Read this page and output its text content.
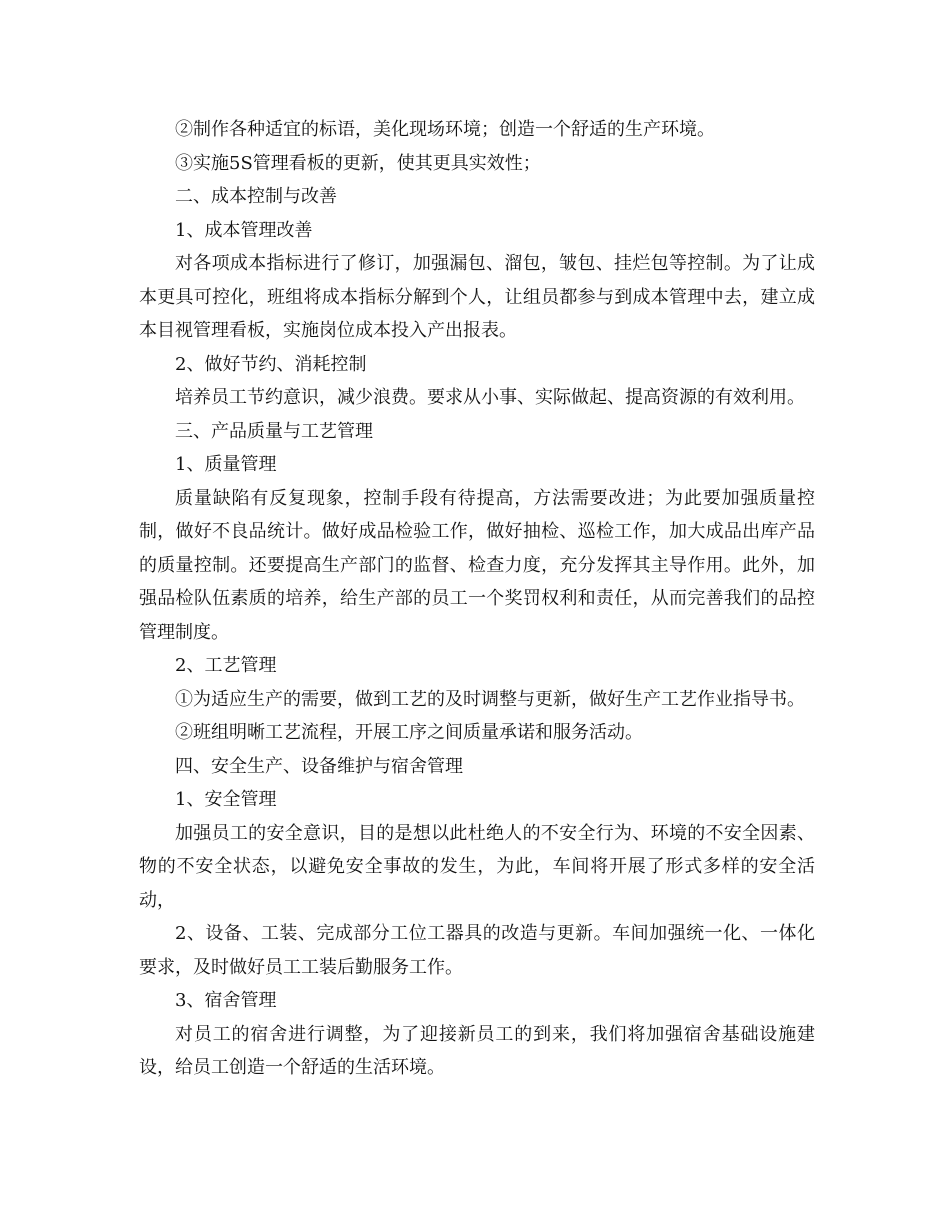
②制作各种适宜的标语，美化现场环境；创造一个舒适的生产环境。

③实施5S管理看板的更新，使其更具实效性；

二、成本控制与改善

1、成本管理改善

对各项成本指标进行了修订，加强漏包、溜包，皱包、挂烂包等控制。为了让成本更具可控化，班组将成本指标分解到个人，让组员都参与到成本管理中去，建立成本目视管理看板，实施岗位成本投入产出报表。

2、做好节约、消耗控制

培养员工节约意识，减少浪费。要求从小事、实际做起、提高资源的有效利用。

三、产品质量与工艺管理

1、质量管理

质量缺陷有反复现象，控制手段有待提高，方法需要改进；为此要加强质量控制，做好不良品统计。做好成品检验工作，做好抽检、巡检工作，加大成品出库产品的质量控制。还要提高生产部门的监督、检查力度，充分发挥其主导作用。此外，加强品检队伍素质的培养，给生产部的员工一个奖罚权利和责任，从而完善我们的品控管理制度。

2、工艺管理

①为适应生产的需要，做到工艺的及时调整与更新，做好生产工艺作业指导书。

②班组明晰工艺流程，开展工序之间质量承诺和服务活动。

四、安全生产、设备维护与宿舍管理

1、安全管理

加强员工的安全意识，目的是想以此杜绝人的不安全行为、环境的不安全因素、物的不安全状态，以避免安全事故的发生，为此，车间将开展了形式多样的安全活动，

2、设备、工装、完成部分工位工器具的改造与更新。车间加强统一化、一体化要求，及时做好员工工装后勤服务工作。

3、宿舍管理

对员工的宿舍进行调整，为了迎接新员工的到来，我们将加强宿舍基础设施建设，给员工创造一个舒适的生活环境。
